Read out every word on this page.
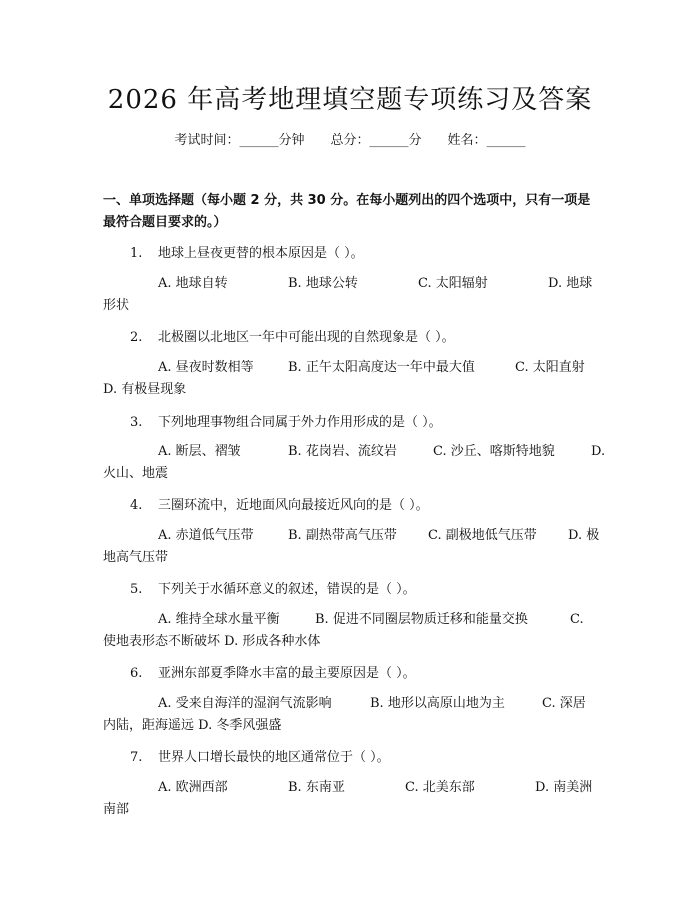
2026 年高考地理填空题专项练习及答案
考试时间：______分钟 总分：______分 姓名：______
一、单项选择题（每小题 2 分，共 30 分。在每小题列出的四个选项中，只有一项是最符合题目要求的。）
1. 地球上昼夜更替的根本原因是（ ）。
A. 地球自转	B. 地球公转	C. 太阳辐射	D. 地球
形状
2. 北极圈以北地区一年中可能出现的自然现象是（ ）。
A. 昼夜时数相等	B. 正午太阳高度达一年中最大值	C. 太阳直射
D. 有极昼现象
3. 下列地理事物组合同属于外力作用形成的是（ ）。
A. 断层、褶皱	B. 花岗岩、流纹岩	C. 沙丘、喀斯特地貌	D.
火山、地震
4. 三圈环流中，近地面风向最接近风向的是（ ）。
A. 赤道低气压带	B. 副热带高气压带 C. 副极地低气压带 D. 极
地高气压带
5. 下列关于水循环意义的叙述，错误的是（ ）。
A. 维持全球水量平衡	B. 促进不同圈层物质迁移和能量交换	C.
使地表形态不断破坏 D. 形成各种水体
6. 亚洲东部夏季降水丰富的最主要原因是（ ）。
A. 受来自海洋的湿润气流影响	B. 地形以高原山地为主	C. 深居
内陆，距海遥远 D. 冬季风强盛
7. 世界人口增长最快的地区通常位于（ ）。
A. 欧洲西部	B. 东南亚	C. 北美东部	D. 南美洲
南部
